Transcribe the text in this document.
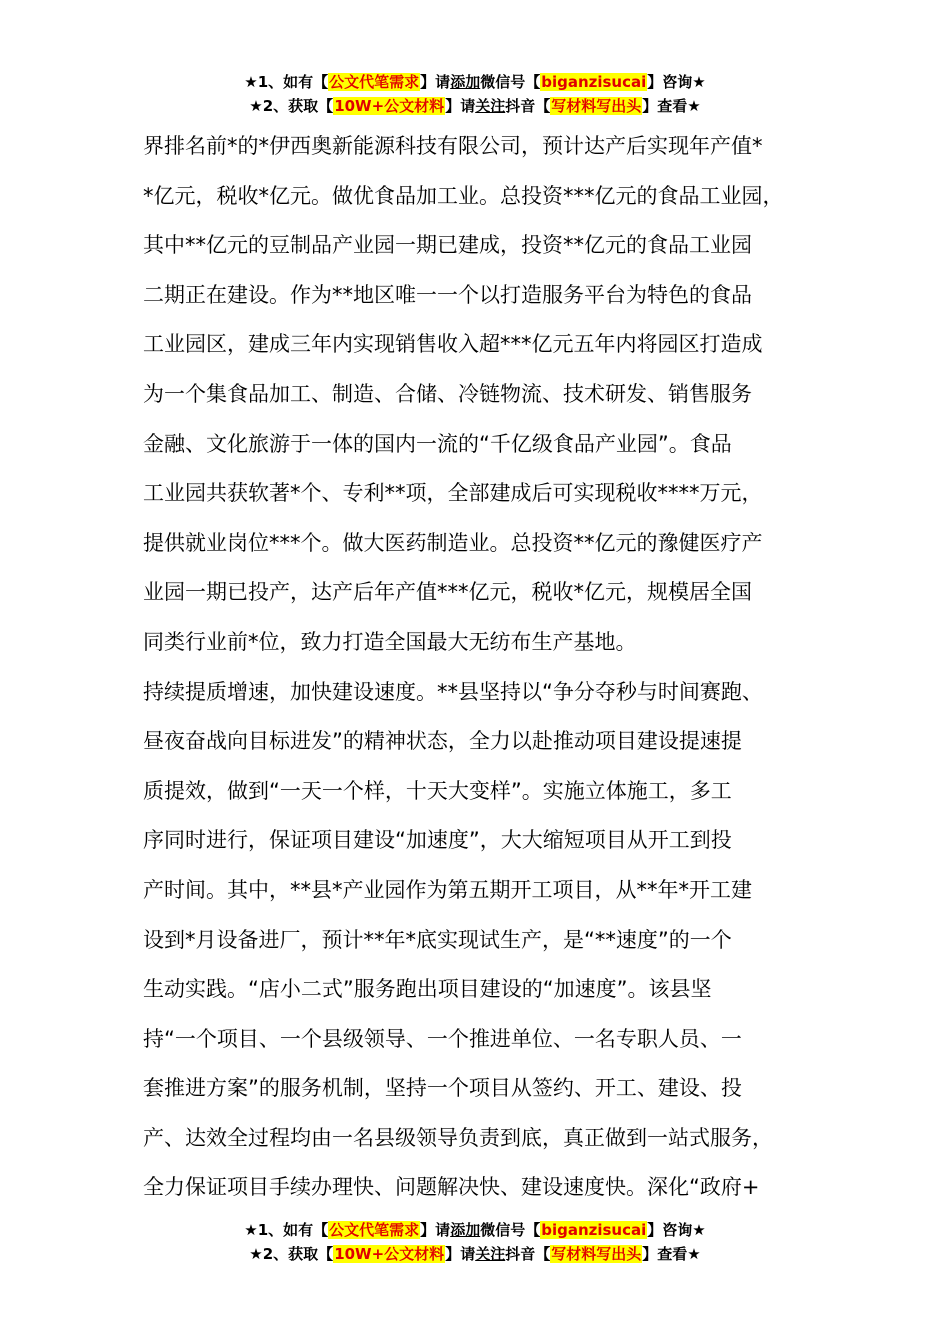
★1、如有【公文代笔需求】请添加微信号【biganzisucai】咨询★
★2、获取【10W+公文材料】请关注抖音【写材料写出头】查看★
界排名前*的*伊西奥新能源科技有限公司，预计达产后实现年产值*
*亿元，税收*亿元。做优食品加工业。总投资***亿元的食品工业园，
其中**亿元的豆制品产业园一期已建成，投资**亿元的食品工业园
二期正在建设。作为**地区唯一一个以打造服务平台为特色的食品
工业园区，建成三年内实现销售收入超***亿元五年内将园区打造成
为一个集食品加工、制造、合储、冷链物流、技术研发、销售服务
金融、文化旅游于一体的国内一流的“千亿级食品产业园”。食品
工业园共获软著*个、专利**项，全部建成后可实现税收****万元，
提供就业岗位***个。做大医药制造业。总投资**亿元的豫健医疗产
业园一期已投产，达产后年产值***亿元，税收*亿元，规模居全国
同类行业前*位，致力打造全国最大无纺布生产基地。
持续提质增速，加快建设速度。**县坚持以“争分夺秒与时间赛跑、
昼夜奋战向目标进发”的精神状态，全力以赴推动项目建设提速提
质提效，做到“一天一个样，十天大变样”。实施立体施工，多工
序同时进行，保证项目建设“加速度”，大大缩短项目从开工到投
产时间。其中，**县*产业园作为第五期开工项目，从**年*开工建
设到*月设备进厂，预计**年*底实现试生产，是“**速度”的一个
生动实践。“店小二式”服务跑出项目建设的“加速度”。该县坚
持“一个项目、一个县级领导、一个推进单位、一名专职人员、一
套推进方案”的服务机制，坚持一个项目从签约、开工、建设、投
产、达效全过程均由一名县级领导负责到底，真正做到一站式服务，
全力保证项目手续办理快、问题解决快、建设速度快。深化“政府+
★1、如有【公文代笔需求】请添加微信号【biganzisucai】咨询★
★2、获取【10W+公文材料】请关注抖音【写材料写出头】查看★
